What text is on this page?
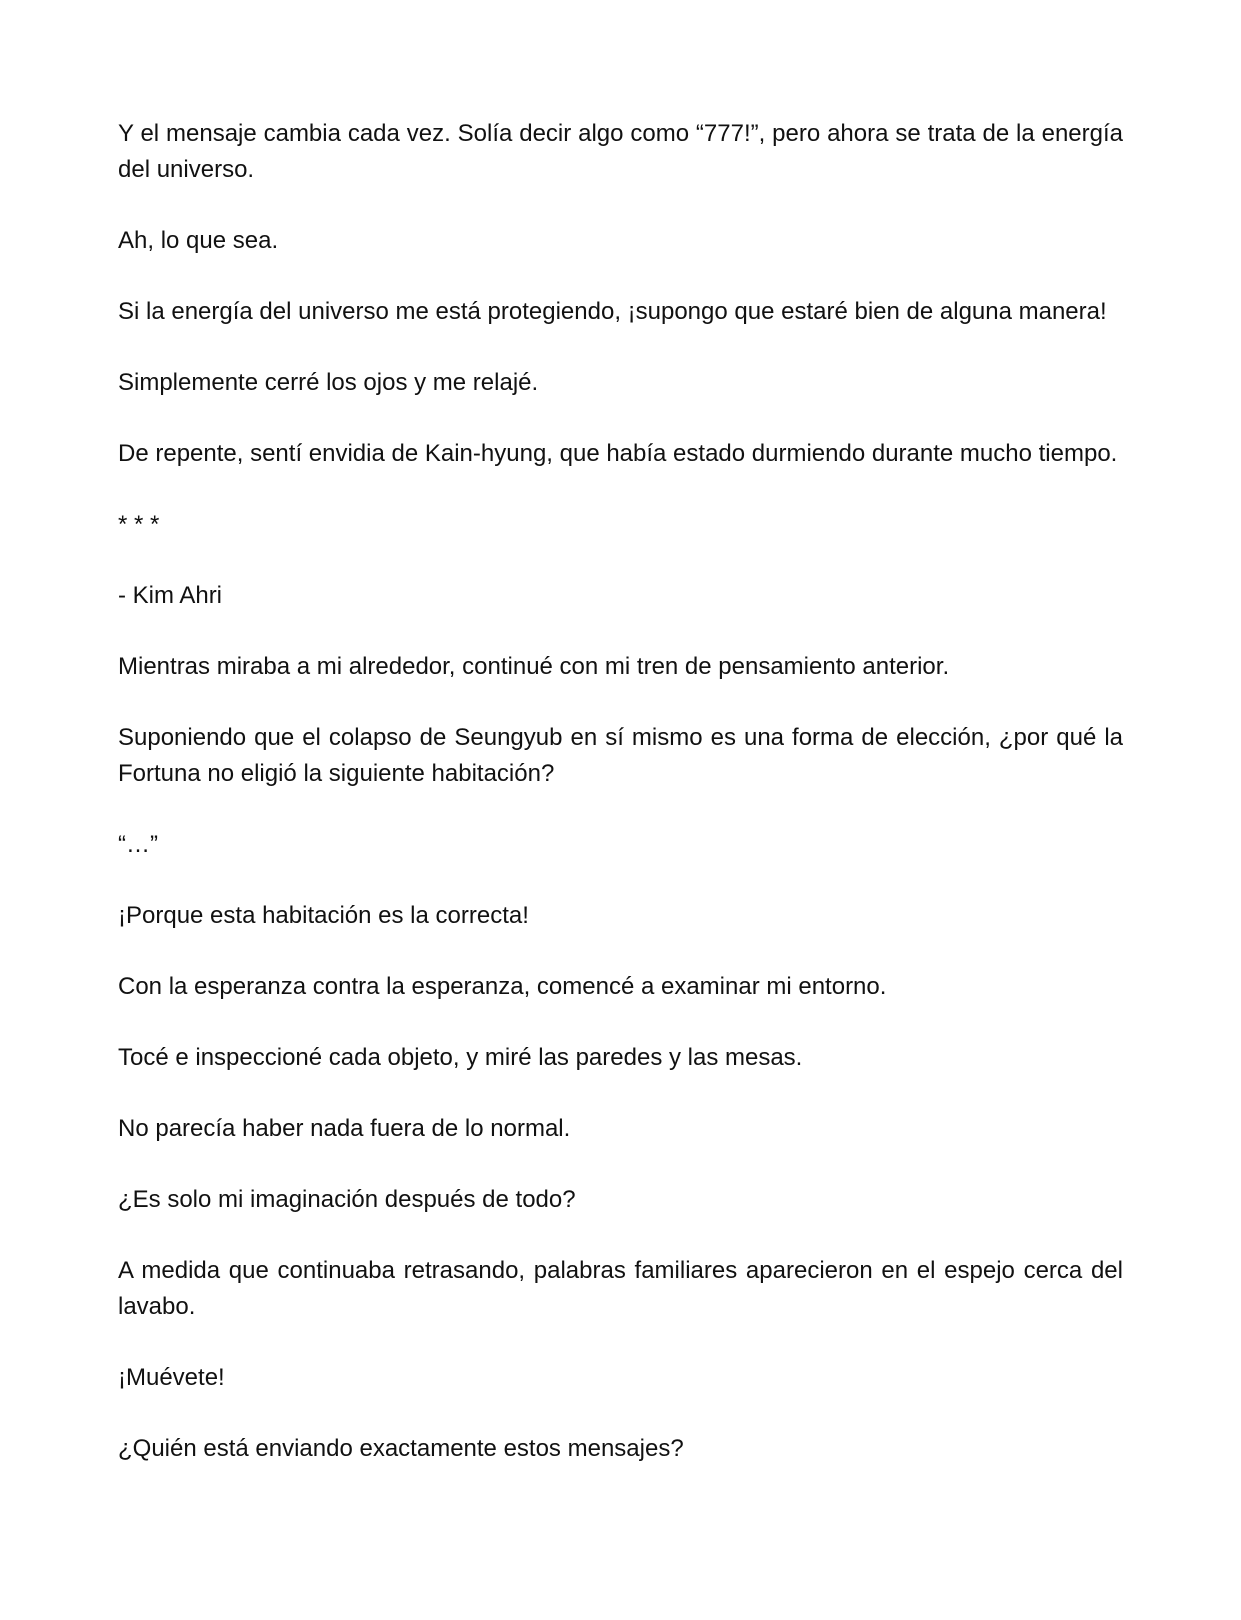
Y el mensaje cambia cada vez. Solía decir algo como “777!”, pero ahora se trata de la energía del universo.

Ah, lo que sea.

Si la energía del universo me está protegiendo, ¡supongo que estaré bien de alguna manera!

Simplemente cerré los ojos y me relajé.

De repente, sentí envidia de Kain-hyung, que había estado durmiendo durante mucho tiempo.

* * *

- Kim Ahri

Mientras miraba a mi alrededor, continué con mi tren de pensamiento anterior.

Suponiendo que el colapso de Seungyub en sí mismo es una forma de elección, ¿por qué la Fortuna no eligió la siguiente habitación?

“…”

¡Porque esta habitación es la correcta!

Con la esperanza contra la esperanza, comencé a examinar mi entorno.

Tocé e inspeccioné cada objeto, y miré las paredes y las mesas.

No parecía haber nada fuera de lo normal.

¿Es solo mi imaginación después de todo?

A medida que continuaba retrasando, palabras familiares aparecieron en el espejo cerca del lavabo.

¡Muévete!

¿Quién está enviando exactamente estos mensajes?
